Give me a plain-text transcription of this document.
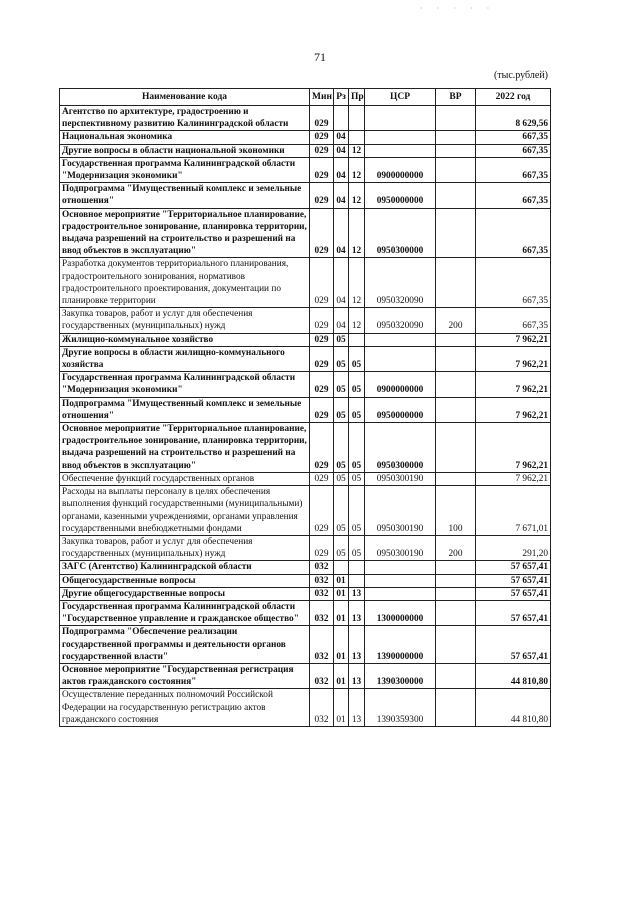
· · · · ·
71
(тыс.рублей)
Наименование кода	Мин	Рз	Пр	ЦСР	ВР	2022 год
Агентство по архитектуре, градостроению и перспективному развитию Калининградской области	029					8 629,56
Национальная экономика	029	04				667,35
Другие вопросы в области национальной экономики	029	04	12			667,35
Государственная программа Калининградской области "Модернизация экономики"	029	04	12	0900000000		667,35
Подпрограмма "Имущественный комплекс и земельные отношения"	029	04	12	0950000000		667,35
Основное мероприятие "Территориальное планирование, градостроительное зонирование, планировка территории, выдача разрешений на строительство и разрешений на ввод объектов в эксплуатацию"	029	04	12	0950300000		667,35
Разработка документов территориального планирования, градостроительного зонирования, нормативов градостроительного проектирования, документации по планировке территории	029	04	12	0950320090		667,35
Закупка товаров, работ и услуг для обеспечения государственных (муниципальных) нужд	029	04	12	0950320090	200	667,35
Жилищно-коммунальное хозяйство	029	05				7 962,21
Другие вопросы в области жилищно-коммунального хозяйства	029	05	05			7 962,21
Государственная программа Калининградской области "Модернизация экономики"	029	05	05	0900000000		7 962,21
Подпрограмма "Имущественный комплекс и земельные отношения"	029	05	05	0950000000		7 962,21
Основное мероприятие "Территориальное планирование, градостроительное зонирование, планировка территории, выдача разрешений на строительство и разрешений на ввод объектов в эксплуатацию"	029	05	05	0950300000		7 962,21
Обеспечение функций государственных органов	029	05	05	0950300190		7 962,21
Расходы на выплаты персоналу в целях обеспечения выполнения функций государственными (муниципальными) органами, казенными учреждениями, органами управления государственными внебюджетными фондами	029	05	05	0950300190	100	7 671,01
Закупка товаров, работ и услуг для обеспечения государственных (муниципальных) нужд	029	05	05	0950300190	200	291,20
ЗАГС (Агентство) Калининградской области	032					57 657,41
Общегосударственные вопросы	032	01				57 657,41
Другие общегосударственные вопросы	032	01	13			57 657,41
Государственная программа Калининградской области "Государственное управление и гражданское общество"	032	01	13	1300000000		57 657,41
Подпрограмма "Обеспечение реализации государственной программы и деятельности органов государственной власти"	032	01	13	1390000000		57 657,41
Основное мероприятие "Государственная регистрация актов гражданского состояния"	032	01	13	1390300000		44 810,80
Осуществление переданных полномочий Российской Федерации на государственную регистрацию актов гражданского состояния	032	01	13	1390359300		44 810,80
